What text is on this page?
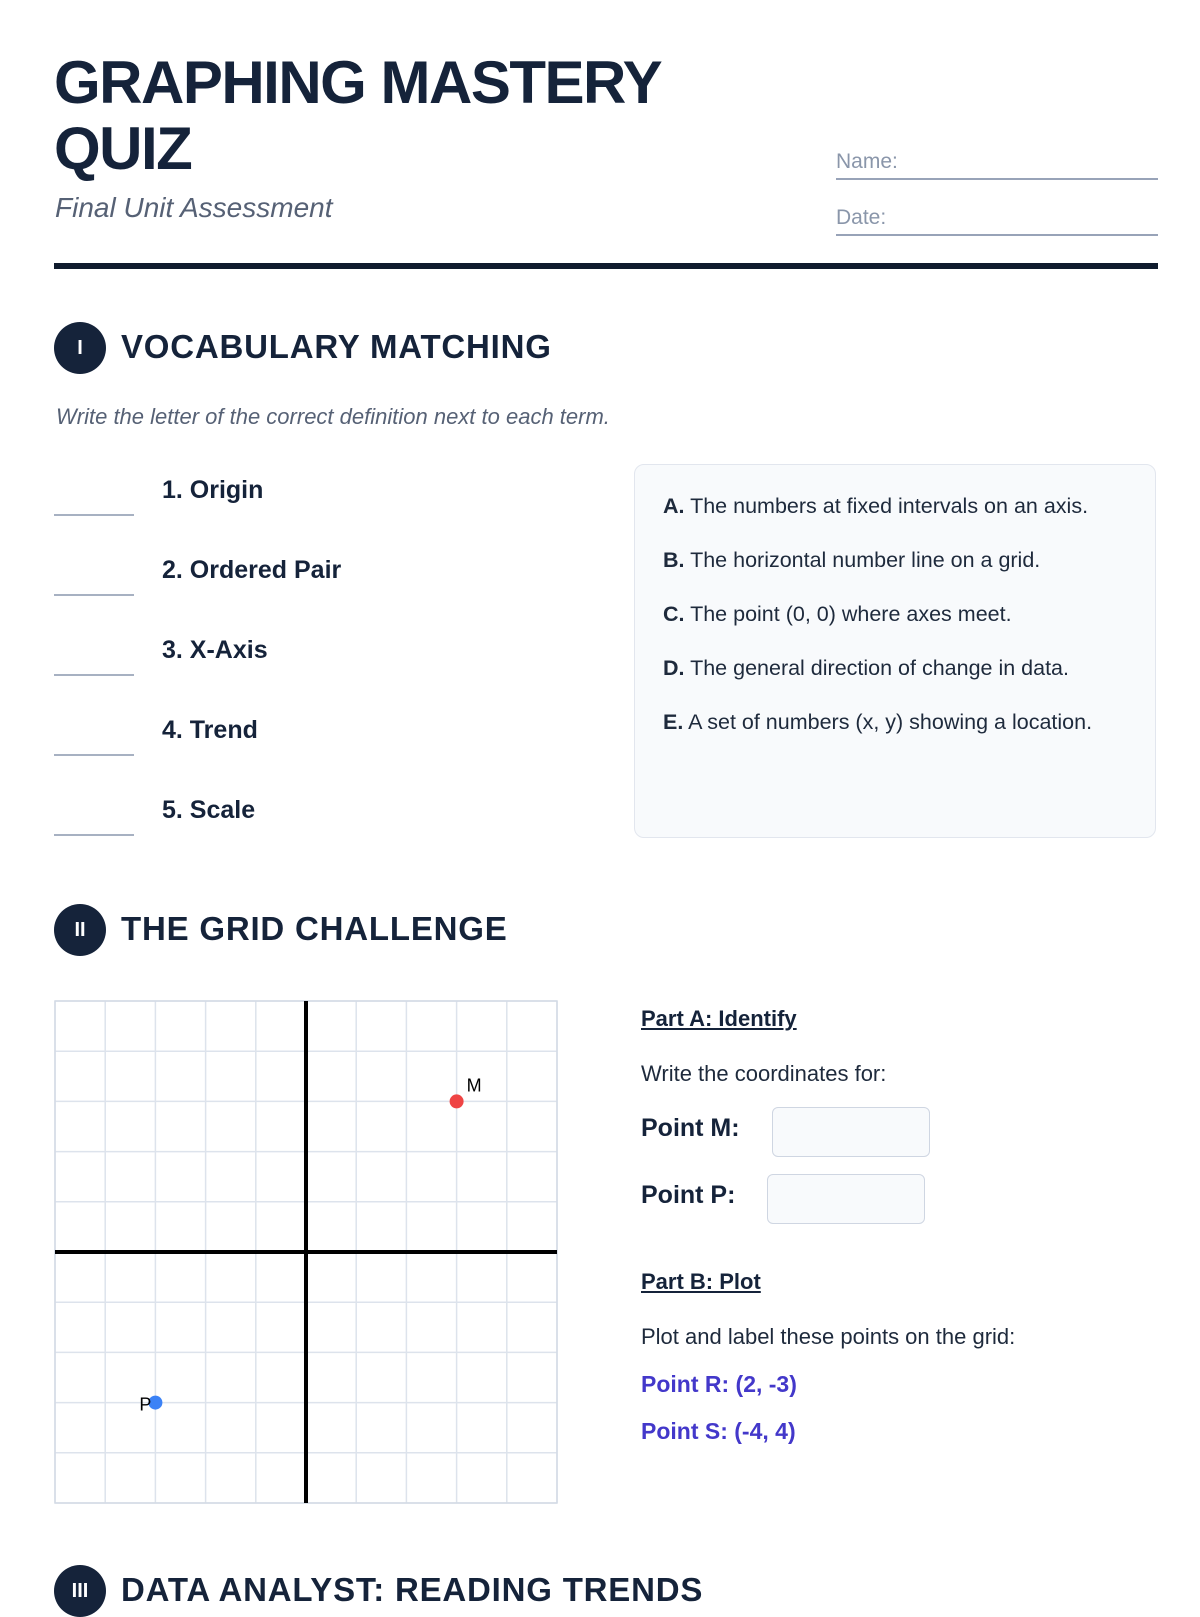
GRAPHING MASTERY QUIZ
Final Unit Assessment
Name:
Date:
I	VOCABULARY MATCHING
Write the letter of the correct definition next to each term.
1. Origin
2. Ordered Pair
3. X-Axis
4. Trend
5. Scale
A. The numbers at fixed intervals on an axis.
B. The horizontal number line on a grid.
C. The point (0, 0) where axes meet.
D. The general direction of change in data.
E. A set of numbers (x, y) showing a location.
II	THE GRID CHALLENGE
M
P
Part A: Identify
Write the coordinates for:
Point M:
Point P:
Part B: Plot
Plot and label these points on the grid:
Point R: (2, -3)
Point S: (-4, 4)
III DATA ANALYST: READING TRENDS
